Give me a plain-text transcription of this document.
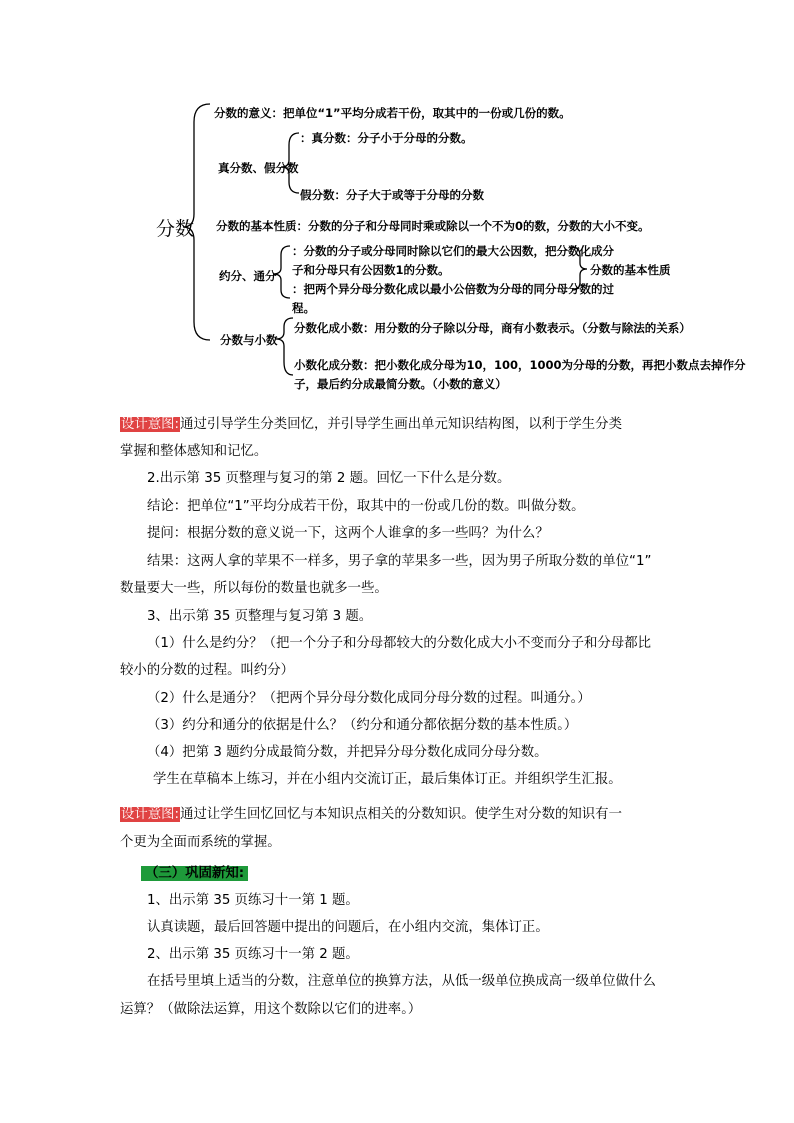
分数
分数的意义：把单位“1”平均分成若干份，取其中的一份或几份的数。
真分数、假分数
：真分数：分子小于分母的分数。
假分数：分子大于或等于分母的分数
分数的基本性质：分数的分子和分母同时乘或除以一个不为0的数，分数的大小不变。
约分、通分
：分数的分子或分母同时除以它们的最大公因数，把分数化成分
子和分母只有公因数1的分数。
：把两个异分母分数化成以最小公倍数为分母的同分母分数的过
程。
分数的基本性质
分数与小数
分数化成小数：用分数的分子除以分母，商有小数表示。（分数与除法的关系）
小数化成分数：把小数化成分母为10，100，1000为分母的分数，再把小数点去掉作分
子，最后约分成最简分数。（小数的意义）
设计意图:通过引导学生分类回忆，并引导学生画出单元知识结构图，以利于学生分类
掌握和整体感知和记忆。
2.出示第 35 页整理与复习的第 2 题。回忆一下什么是分数。
结论：把单位“1”平均分成若干份，取其中的一份或几份的数。叫做分数。
提问：根据分数的意义说一下，这两个人谁拿的多一些吗？为什么？
结果：这两人拿的苹果不一样多，男子拿的苹果多一些，因为男子所取分数的单位“1”
数量要大一些，所以每份的数量也就多一些。
3、出示第 35 页整理与复习第 3 题。
（1）什么是约分？（把一个分子和分母都较大的分数化成大小不变而分子和分母都比
较小的分数的过程。叫约分）
（2）什么是通分？（把两个异分母分数化成同分母分数的过程。叫通分。）
（3）约分和通分的依据是什么？（约分和通分都依据分数的基本性质。）
（4）把第 3 题约分成最简分数，并把异分母分数化成同分母分数。
学生在草稿本上练习，并在小组内交流订正，最后集体订正。并组织学生汇报。
设计意图:通过让学生回忆回忆与本知识点相关的分数知识。使学生对分数的知识有一
个更为全面而系统的掌握。
（三）巩固新知:
1、出示第 35 页练习十一第 1 题。
认真读题，最后回答题中提出的问题后，在小组内交流，集体订正。
2、出示第 35 页练习十一第 2 题。
在括号里填上适当的分数，注意单位的换算方法，从低一级单位换成高一级单位做什么
运算？（做除法运算，用这个数除以它们的进率。）
